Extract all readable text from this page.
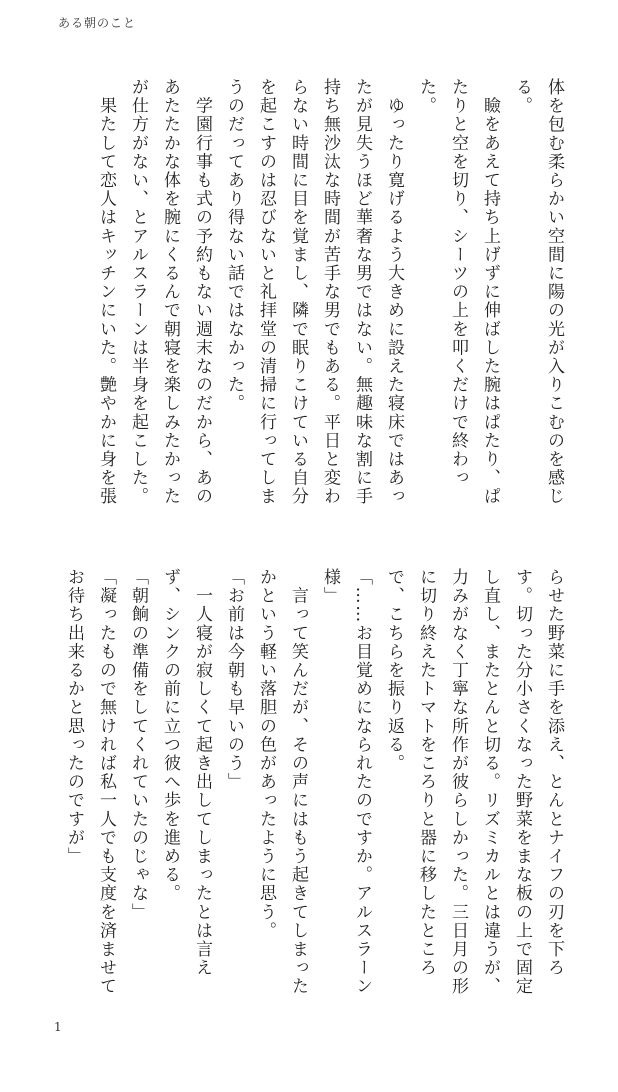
ある朝のこと

体を包む柔らかい空間に陽の光が入りこむのを感じる。

　瞼をあえて持ち上げずに伸ばした腕はぱたり、ぱたりと空を切り、シーツの上を叩くだけで終わった。

　ゆったり寛げるよう大きめに設えた寝床ではあったが見失うほど華奢な男ではない。無趣味な割に手持ち無沙汰な時間が苦手な男でもある。平日と変わらない時間に目を覚まし、隣で眠りこけている自分を起こすのは忍びないと礼拝堂の清掃に行ってしまうのだってあり得ない話ではなかった。

　学園行事も式の予約もない週末なのだから、あのあたたかな体を腕にくるんで朝寝を楽しみたかったが仕方がない、とアルスラーンは半身を起こした。

　果たして恋人はキッチンにいた。艶やかに身を張

らせた野菜に手を添え、とんとナイフの刃を下ろす。切った分小さくなった野菜をまな板の上で固定し直し、またとんと切る。リズミカルとは違うが、力みがなく丁寧な所作が彼らしかった。三日月の形に切り終えたトマトをころりと器に移したところで、こちらを振り返る。

「……お目覚めになられたのですか。アルスラーン様」

　言って笑んだが、その声にはもう起きてしまったかという軽い落胆の色があったように思う。

「お前は今朝も早いのう」

　一人寝が寂しくて起き出してしまったとは言えず、シンクの前に立つ彼へ歩を進める。

「朝餉の準備をしてくれていたのじゃな」

「凝ったもので無ければ私一人でも支度を済ませてお待ち出来るかと思ったのですが」

1
